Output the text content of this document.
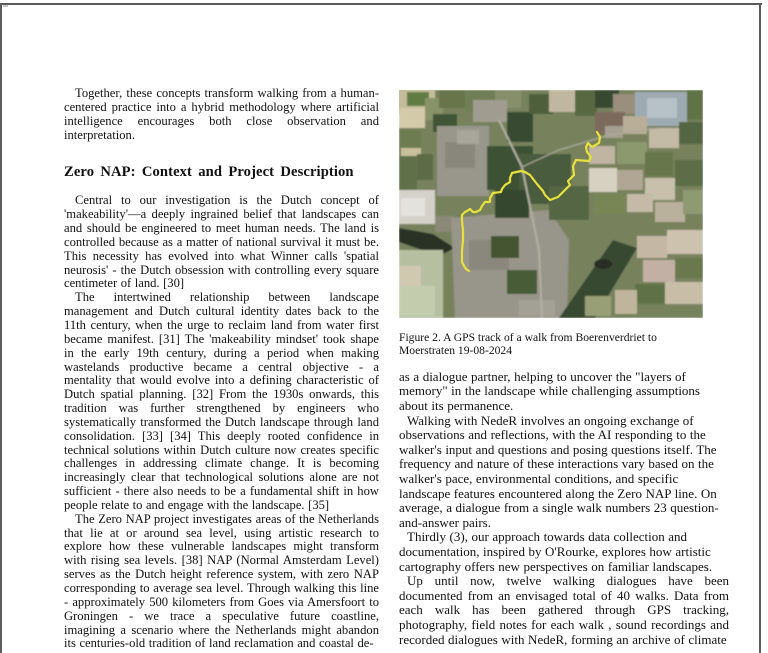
Together, these concepts transform walking from a human-centered practice into a hybrid methodology where artificial intelligence encourages both close observation and interpretation.

Zero NAP: Context and Project Description

Central to our investigation is the Dutch concept of 'makeability'—a deeply ingrained belief that landscapes can and should be engineered to meet human needs. The land is controlled because as a matter of national survival it must be. This necessity has evolved into what Winner calls 'spatial neurosis' - the Dutch obsession with controlling every square centimeter of land. [30]

The intertwined relationship between landscape management and Dutch cultural identity dates back to the 11th century, when the urge to reclaim land from water first became manifest. [31] The 'makeability mindset' took shape in the early 19th century, during a period when making wastelands productive became a central objective - a mentality that would evolve into a defining characteristic of Dutch spatial planning. [32] From the 1930s onwards, this tradition was further strengthened by engineers who systematically transformed the Dutch landscape through land consolidation. [33] [34] This deeply rooted confidence in technical solutions within Dutch culture now creates specific challenges in addressing climate change. It is becoming increasingly clear that technological solutions alone are not sufficient - there also needs to be a fundamental shift in how people relate to and engage with the landscape. [35]

The Zero NAP project investigates areas of the Netherlands that lie at or around sea level, using artistic research to explore how these vulnerable landscapes might transform with rising sea levels. [38] NAP (Normal Amsterdam Level) serves as the Dutch height reference system, with zero NAP corresponding to average sea level. Through walking this line - approximately 500 kilometers from Goes via Amersfoort to Groningen - we trace a speculative future coastline, imagining a scenario where the Netherlands might abandon its centuries-old tradition of land reclamation and coastal de-

Figure 2. A GPS track of a walk from Boerenverdriet to Moerstraten 19-08-2024

as a dialogue partner, helping to uncover the "layers of memory" in the landscape while challenging assumptions about its permanence.

Walking with NedeR involves an ongoing exchange of observations and reflections, with the AI responding to the walker's input and questions and posing questions itself. The frequency and nature of these interactions vary based on the walker's pace, environmental conditions, and specific landscape features encountered along the Zero NAP line. On average, a dialogue from a single walk numbers 23 question-and-answer pairs.

Thirdly (3), our approach towards data collection and documentation, inspired by O'Rourke, explores how artistic cartography offers new perspectives on familiar landscapes.

Up until now, twelve walking dialogues have been documented from an envisaged total of 40 walks. Data from each walk has been gathered through GPS tracking, photography, field notes for each walk , sound recordings and recorded dialogues with NedeR, forming an archive of climate
